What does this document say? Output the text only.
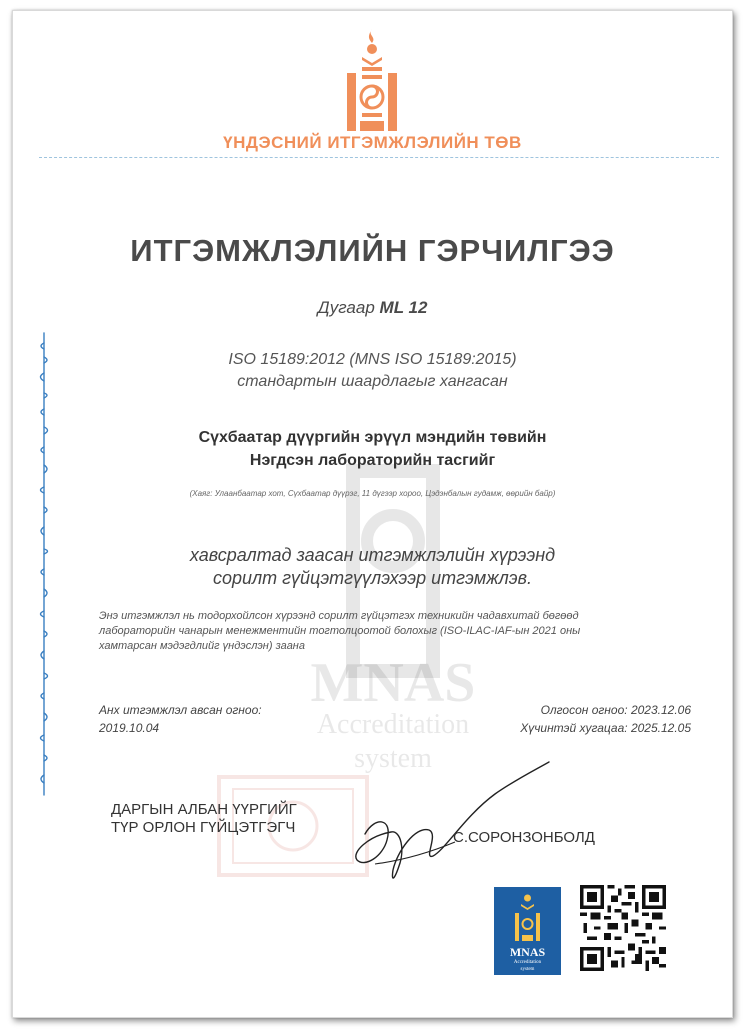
MNAS
Accreditation
system
ҮНДЭСНИЙ ИТГЭМЖЛЭЛИЙН ТӨВ
ИТГЭМЖЛЭЛИЙН ГЭРЧИЛГЭЭ
Дугаар ML 12
ISO 15189:2012 (MNS ISO 15189:2015)
стандартын шаардлагыг хангасан
Сүхбаатар дүүргийн эрүүл мэндийн төвийн
Нэгдсэн лабораторийн тасгийг
(Хаяг: Улаанбаатар хот, Сүхбаатар дүүрэг, 11 дүгээр хороо, Цэдэнбалын гудамж, өөрийн байр)
хавсралтад заасан итгэмжлэлийн хүрээнд
сорилт гүйцэтгүүлэхээр итгэмжлэв.
Энэ итгэмжлэл нь тодорхойлсон хүрээнд сорилт гүйцэтгэх техникийн чадавхитай бөгөөд
лабораторийн чанарын менежментийн тогтолцоотой болохыг (ISO-ILAC-IAF-ын 2021 оны
хамтарсан мэдэгдлийг үндэслэн) заана
Анх итгэмжлэл авсан огноо:
2019.10.04
Олгосон огноо: 2023.12.06
Хүчинтэй хугацаа: 2025.12.05
ДАРГЫН АЛБАН ҮҮРГИЙГ
ТҮР ОРЛОН ГҮЙЦЭТГЭГЧ
С.СОРОНЗОНБОЛД
MNAS
Accreditation
system
